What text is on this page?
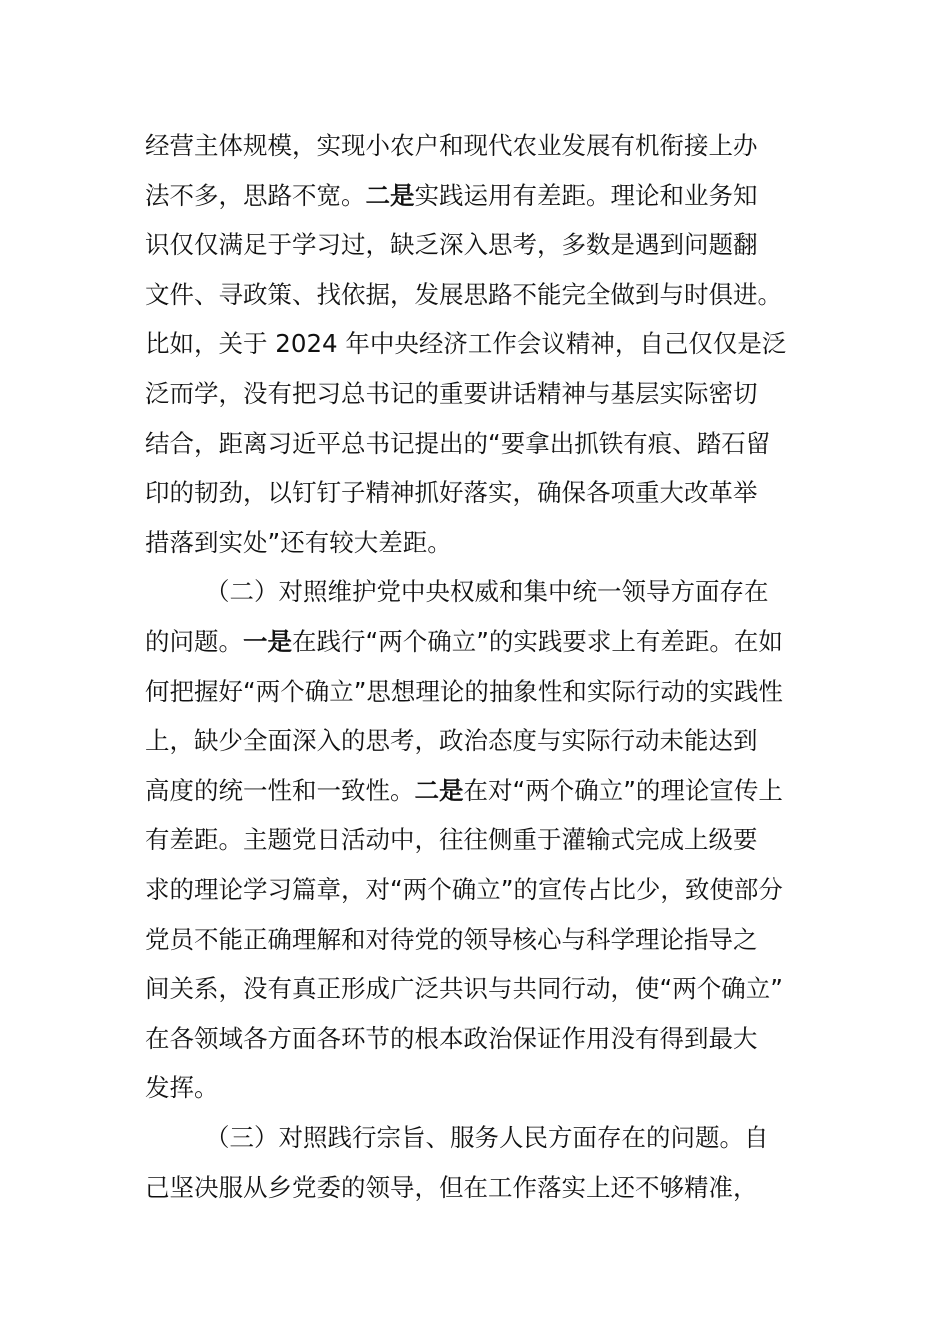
经营主体规模，实现小农户和现代农业发展有机衔接上办
法不多，思路不宽。二是实践运用有差距。理论和业务知
识仅仅满足于学习过，缺乏深入思考，多数是遇到问题翻
文件、寻政策、找依据，发展思路不能完全做到与时俱进。
比如，关于 2024 年中央经济工作会议精神，自己仅仅是泛
泛而学，没有把习总书记的重要讲话精神与基层实际密切
结合，距离习近平总书记提出的“要拿出抓铁有痕、踏石留
印的韧劲，以钉钉子精神抓好落实，确保各项重大改革举
措落到实处”还有较大差距。
（二）对照维护党中央权威和集中统一领导方面存在
的问题。一是在践行“两个确立”的实践要求上有差距。在如
何把握好“两个确立”思想理论的抽象性和实际行动的实践性
上，缺少全面深入的思考，政治态度与实际行动未能达到
高度的统一性和一致性。二是在对“两个确立”的理论宣传上
有差距。主题党日活动中，往往侧重于灌输式完成上级要
求的理论学习篇章，对“两个确立”的宣传占比少，致使部分
党员不能正确理解和对待党的领导核心与科学理论指导之
间关系，没有真正形成广泛共识与共同行动，使“两个确立”
在各领域各方面各环节的根本政治保证作用没有得到最大
发挥。
（三）对照践行宗旨、服务人民方面存在的问题。自
己坚决服从乡党委的领导，但在工作落实上还不够精准，
